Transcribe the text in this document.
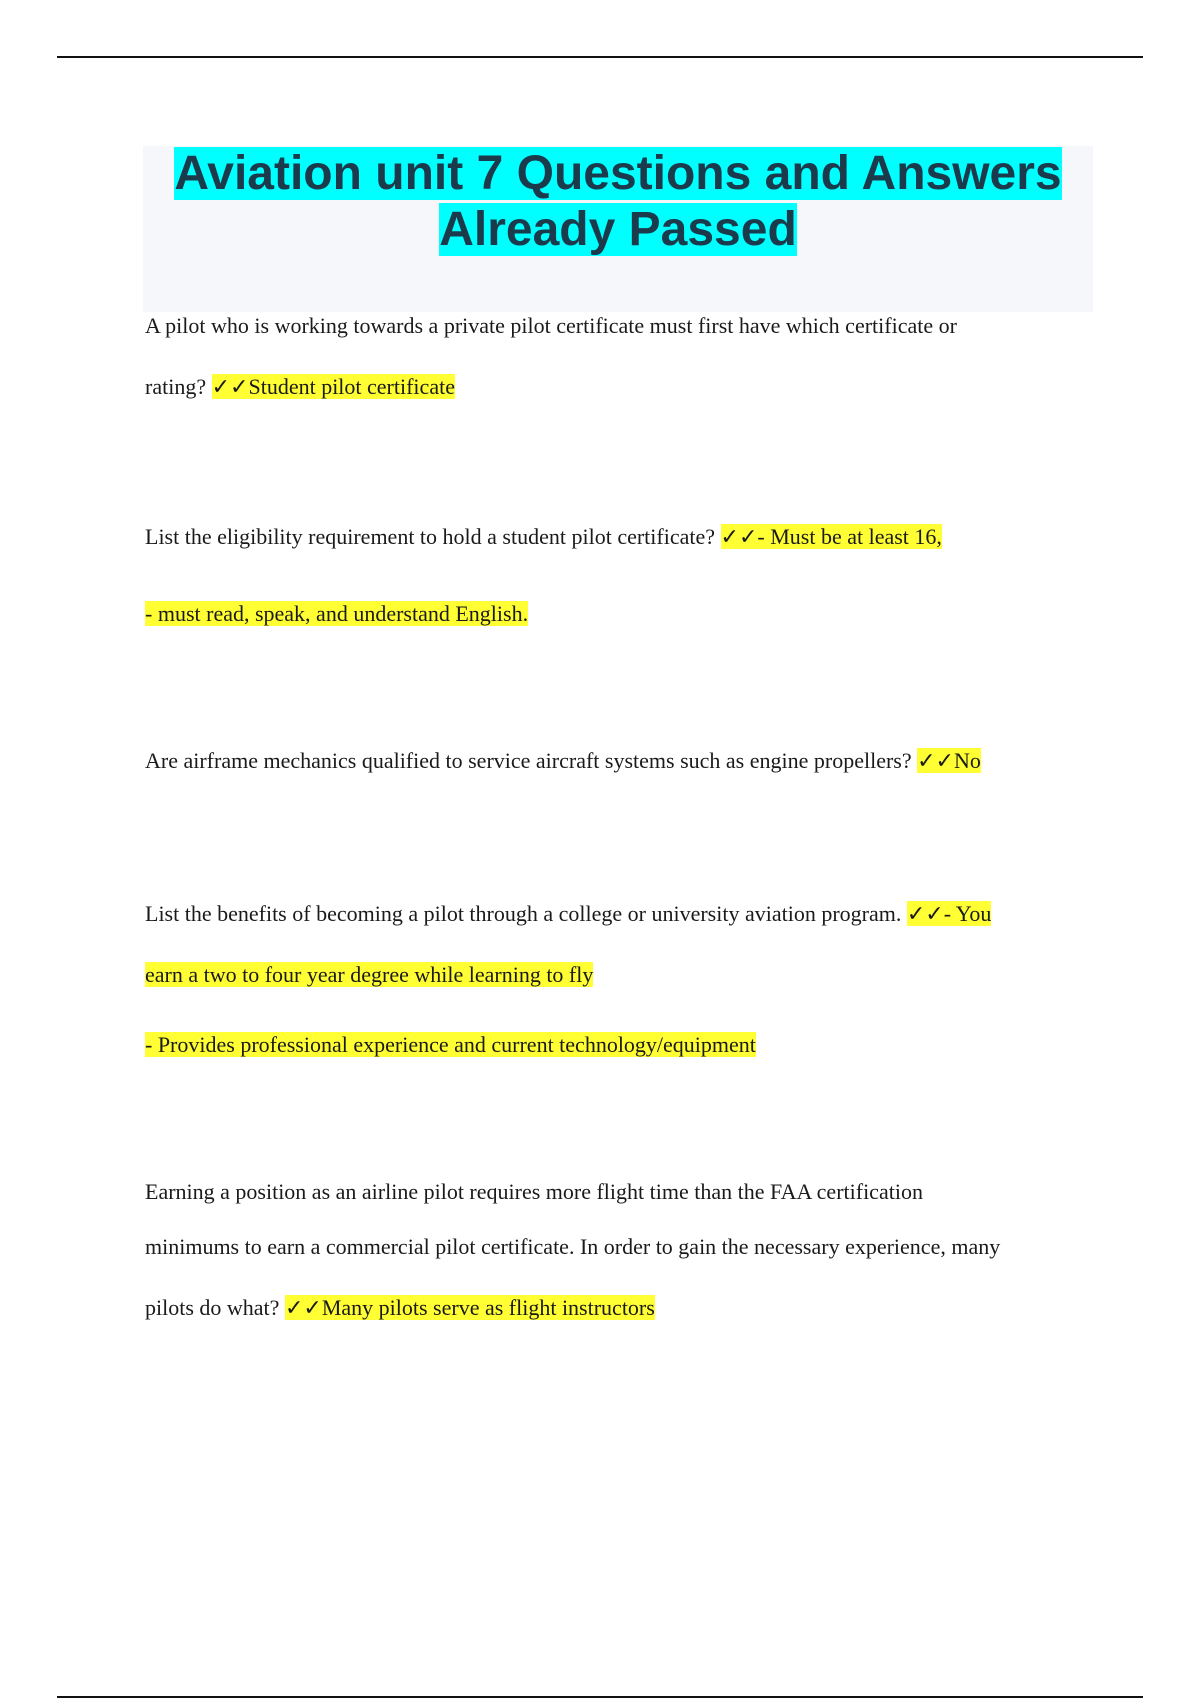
Aviation unit 7 Questions and Answers
Already Passed
A pilot who is working towards a private pilot certificate must first have which certificate or
rating? ✓✓Student pilot certificate
List the eligibility requirement to hold a student pilot certificate? ✓✓- Must be at least 16,
- must read, speak, and understand English.
Are airframe mechanics qualified to service aircraft systems such as engine propellers? ✓✓No
List the benefits of becoming a pilot through a college or university aviation program. ✓✓- You
earn a two to four year degree while learning to fly
- Provides professional experience and current technology/equipment
Earning a position as an airline pilot requires more flight time than the FAA certification
minimums to earn a commercial pilot certificate. In order to gain the necessary experience, many
pilots do what? ✓✓Many pilots serve as flight instructors
